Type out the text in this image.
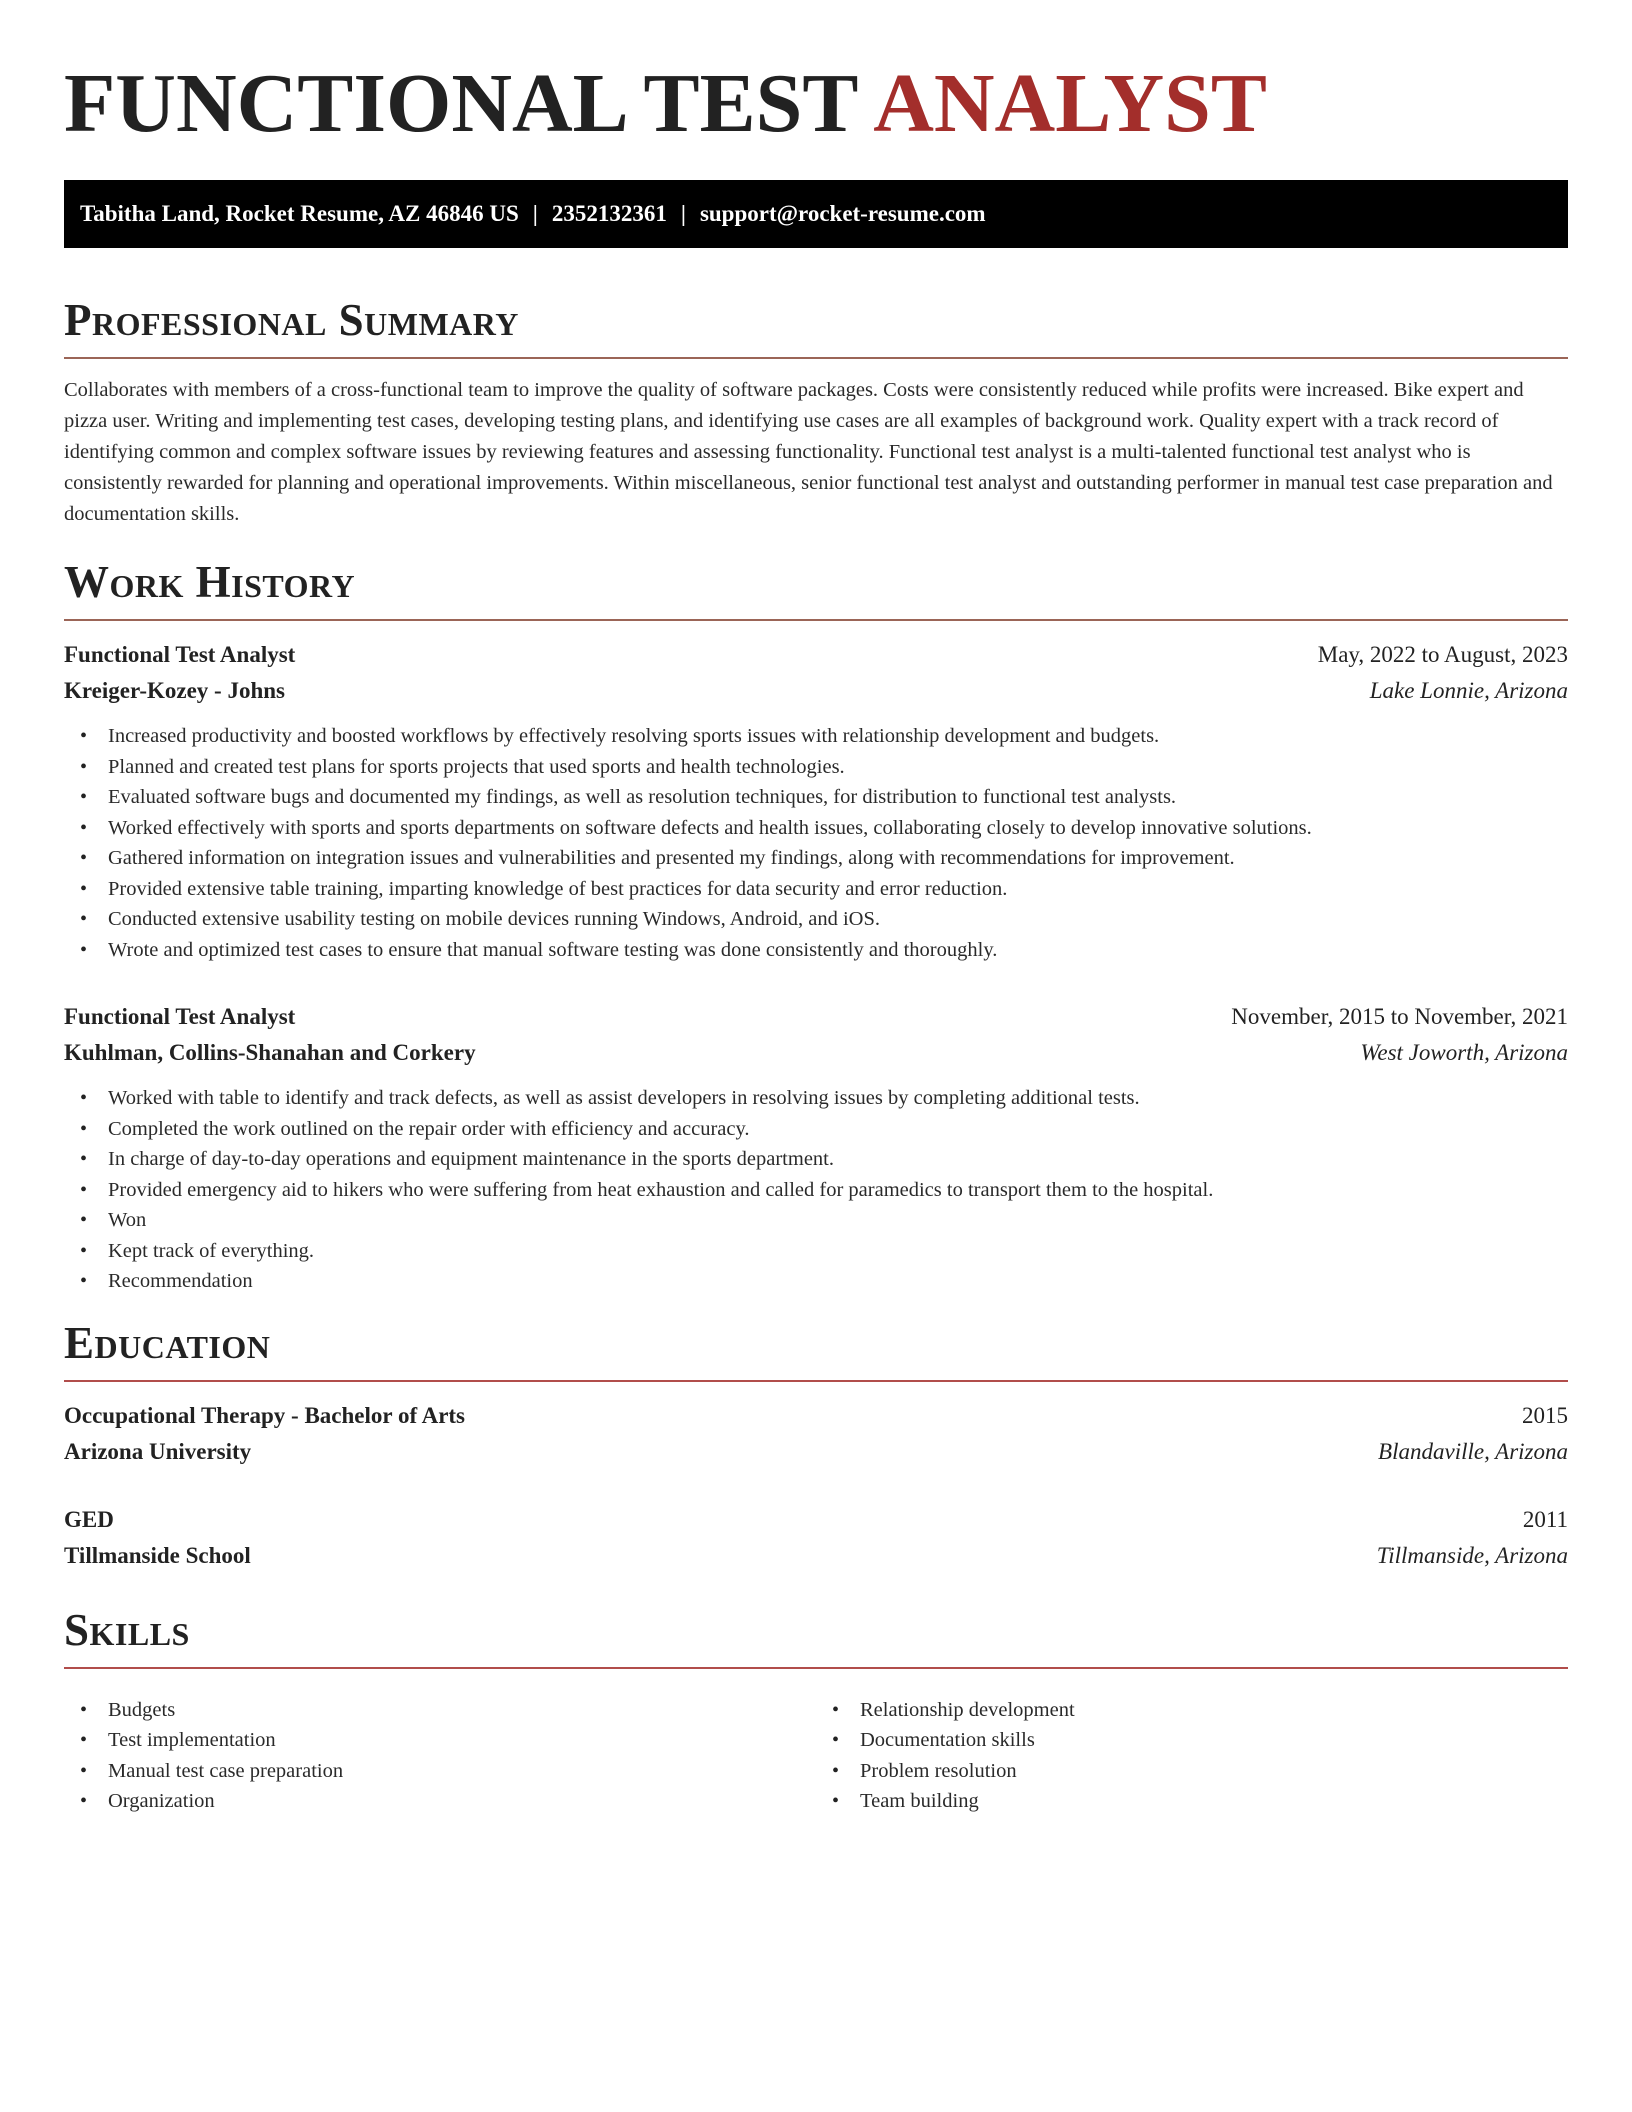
FUNCTIONAL TEST ANALYST
Tabitha Land, Rocket Resume, AZ 46846 US | 2352132361 | support@rocket-resume.com
Professional Summary

Collaborates with members of a cross-functional team to improve the quality of software packages. Costs were consistently reduced while profits were increased. Bike expert and pizza user. Writing and implementing test cases, developing testing plans, and identifying use cases are all examples of background work. Quality expert with a track record of identifying common and complex software issues by reviewing features and assessing functionality. Functional test analyst is a multi-talented functional test analyst who is consistently rewarded for planning and operational improvements. Within miscellaneous, senior functional test analyst and outstanding performer in manual test case preparation and documentation skills.

Work History
Functional Test Analyst	May, 2022 to August, 2023
Kreiger-Kozey - Johns	Lake Lonnie, Arizona
• Increased productivity and boosted workflows by effectively resolving sports issues with relationship development and budgets.
• Planned and created test plans for sports projects that used sports and health technologies.
• Evaluated software bugs and documented my findings, as well as resolution techniques, for distribution to functional test analysts.
• Worked effectively with sports and sports departments on software defects and health issues, collaborating closely to develop innovative solutions.
• Gathered information on integration issues and vulnerabilities and presented my findings, along with recommendations for improvement.
• Provided extensive table training, imparting knowledge of best practices for data security and error reduction.
• Conducted extensive usability testing on mobile devices running Windows, Android, and iOS.
• Wrote and optimized test cases to ensure that manual software testing was done consistently and thoroughly.
Functional Test Analyst	November, 2015 to November, 2021
Kuhlman, Collins-Shanahan and Corkery	West Joworth, Arizona
• Worked with table to identify and track defects, as well as assist developers in resolving issues by completing additional tests.
• Completed the work outlined on the repair order with efficiency and accuracy.
• In charge of day-to-day operations and equipment maintenance in the sports department.
• Provided emergency aid to hikers who were suffering from heat exhaustion and called for paramedics to transport them to the hospital.
• Won
• Kept track of everything.
• Recommendation
Education
Occupational Therapy - Bachelor of Arts	2015
Arizona University	Blandaville, Arizona
GED	2011
Tillmanside School	Tillmanside, Arizona
Skills
• Budgets
• Test implementation
• Manual test case preparation
• Organization
• Relationship development
• Documentation skills
• Problem resolution
• Team building
